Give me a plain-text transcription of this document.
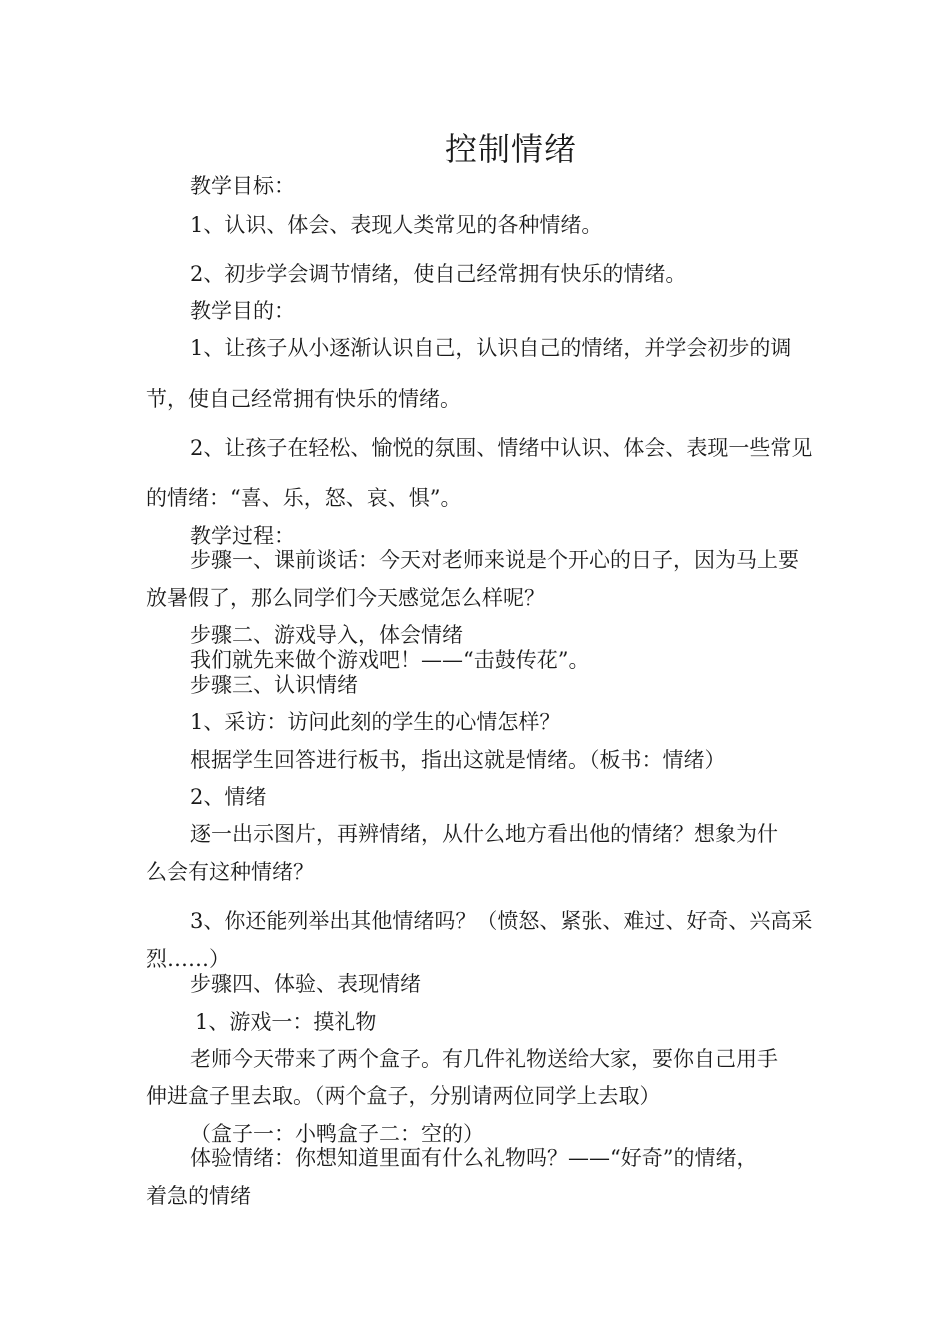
控制情绪
教学目标：
1、认识、体会、表现人类常见的各种情绪。
2、初步学会调节情绪，使自己经常拥有快乐的情绪。
教学目的：
1、让孩子从小逐渐认识自己，认识自己的情绪，并学会初步的调
节，使自己经常拥有快乐的情绪。
2、让孩子在轻松、愉悦的氛围、情绪中认识、体会、表现一些常见
的情绪：“喜、乐，怒、哀、惧”。
教学过程：
步骤一、课前谈话：今天对老师来说是个开心的日子，因为马上要
放暑假了，那么同学们今天感觉怎么样呢？
步骤二、游戏导入，体会情绪
我们就先来做个游戏吧！——“击鼓传花”。
步骤三、认识情绪
1、采访：访问此刻的学生的心情怎样？
根据学生回答进行板书，指出这就是情绪。（板书：情绪）
2、情绪
逐一出示图片，再辨情绪，从什么地方看出他的情绪？想象为什
么会有这种情绪？
3、你还能列举出其他情绪吗？（愤怒、紧张、难过、好奇、兴高采
烈……）
步骤四、体验、表现情绪
1、游戏一：摸礼物
老师今天带来了两个盒子。有几件礼物送给大家，要你自己用手
伸进盒子里去取。（两个盒子，分别请两位同学上去取）
（盒子一：小鸭盒子二：空的）
体验情绪：你想知道里面有什么礼物吗？——“好奇”的情绪，
着急的情绪
